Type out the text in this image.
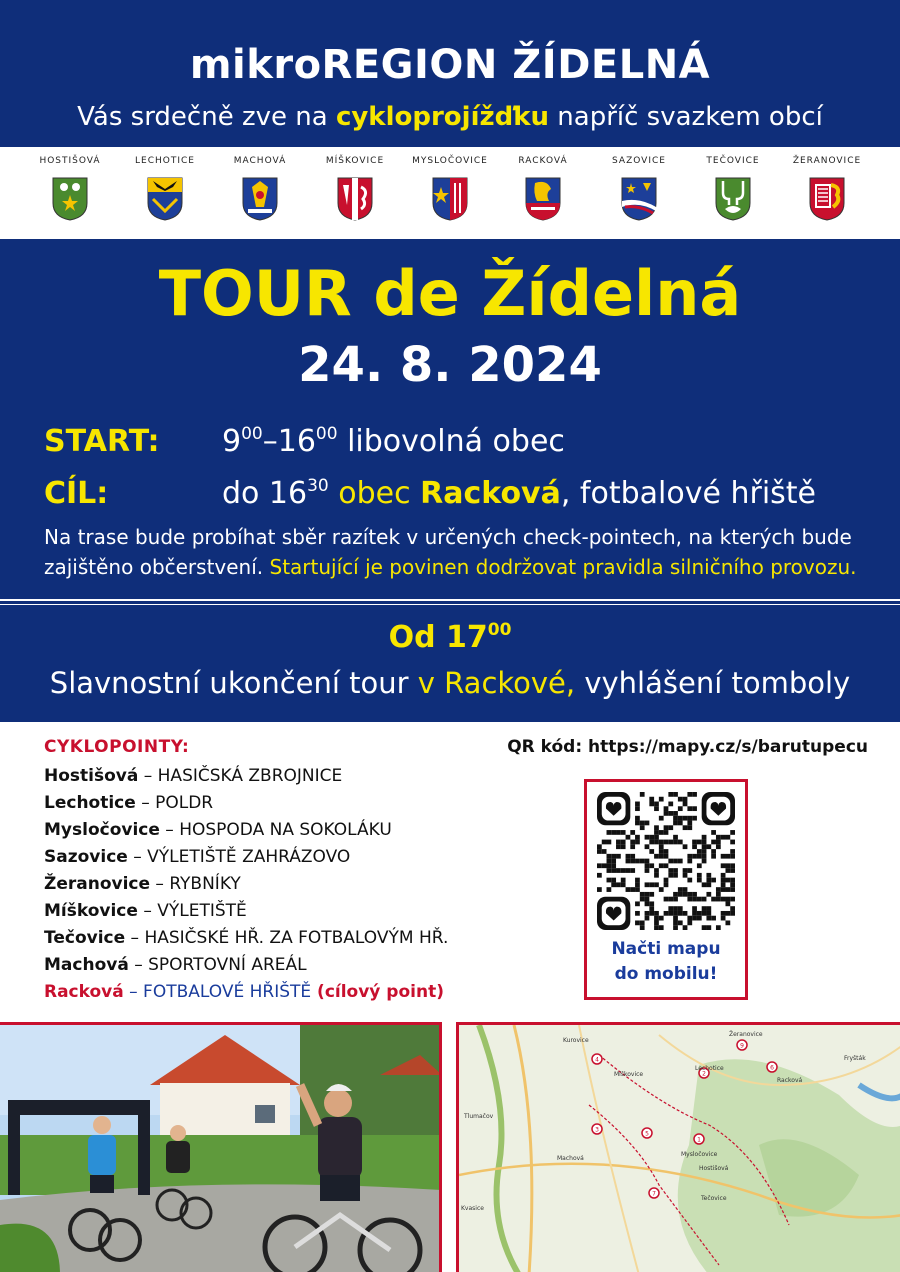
mikroREGION ŽÍDELNÁ
Vás srdečně zve na cykloprojížďku napříč svazkem obcí
HOSTIŠOVÁ	LECHOTICE	MACHOVÁ	MÍŠKOVICE	MYSLOČOVICE	RACKOVÁ	SAZOVICE	TEČOVICE	ŽERANOVICE
TOUR de Žídelná
24. 8. 2024
START: $9^{00}-16^{00}$ libovolná obec
CÍL:	do $16^{30}$ obec Racková, fotbalové hřiště
Na trase bude probíhat sběr razítek v určených check-pointech, na kterých bude zajištěno občerstvení. Startující je povinen dodržovat pravidla silničního provozu.
Od $17^{00}$
Slavnostní ukončení tour v Rackové, vyhlášení tomboly
CYKLOPOINTY:
Hostišová – HASIČSKÁ ZBROJNICE
Lechotice – POLDR
Mysločovice – HOSPODA NA SOKOLÁKU
Sazovice – VÝLETIŠTĚ ZAHRÁZOVO
Žeranovice – RYBNÍKY
Míškovice – VÝLETIŠTĚ
Tečovice – HASIČSKÉ HŘ. ZA FOTBALOVÝM HŘ.
Machová – SPORTOVNÍ AREÁL
Racková – FOTBALOVÉ HŘIŠTĚ (cílový point)
QR kód: https://mapy.cz/s/barutupecu
Načti mapu
do mobilu!
4
9
6
2
3
5
1
7
Kurovice
Žeranovice
Fryšták
Lechotice
Míškovice
Racková
Tlumačov
Mysločovice
Machová
Hostišová
Kvasice
Tečovice
